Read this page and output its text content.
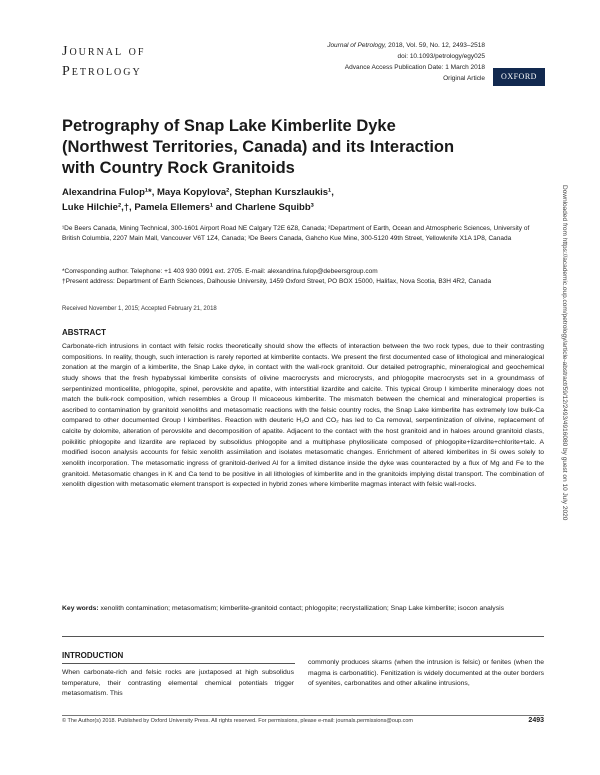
Journal of
Petrology
Journal of Petrology, 2018, Vol. 59, No. 12, 2493–2518
doi: 10.1093/petrology/egy025
Advance Access Publication Date: 1 March 2018
Original Article	OXFORD
Downloaded from https://academic.oup.com/petrology/article-abstract/59/12/2493/4916080 by guest on 10 July 2020
Petrography of Snap Lake Kimberlite Dyke (Northwest Territories, Canada) and its Interaction with Country Rock Granitoids
Alexandrina Fulop¹*, Maya Kopylova², Stephan Kurszlaukis¹,
Luke Hilchie²,†, Pamela Ellemers¹ and Charlene Squibb³
¹De Beers Canada, Mining Technical, 300-1601 Airport Road NE Calgary T2E 6Z8, Canada; ²Department of Earth, Ocean and Atmospheric Sciences, University of British Columbia, 2207 Main Mall, Vancouver V6T 1Z4, Canada; ³De Beers Canada, Gahcho Kue Mine, 300-5120 49th Street, Yellowknife X1A 1P8, Canada
*Corresponding author. Telephone: +1 403 930 0991 ext. 2705. E-mail: alexandrina.fulop@debeersgroup.com
†Present address: Department of Earth Sciences, Dalhousie University, 1459 Oxford Street, PO BOX 15000, Halifax, Nova Scotia, B3H 4R2, Canada
Received November 1, 2015; Accepted February 21, 2018
ABSTRACT
Carbonate-rich intrusions in contact with felsic rocks theoretically should show the effects of interaction between the two rock types, due to their contrasting compositions. In reality, though, such interaction is rarely reported at kimberlite contacts. We present the first documented case of lithological and mineralogical zonation at the margin of a kimberlite, the Snap Lake dyke, in contact with the wall-rock granitoid. Our detailed petrographic, mineralogical and geochemical study shows that the fresh hypabyssal kimberlite consists of olivine macrocrysts and microcrysts, and phlogopite macrocrysts set in a groundmass of serpentinized monticellite, phlogopite, spinel, perovskite and apatite, with interstitial lizardite and calcite. This typical Group I kimberlite mineralogy does not match the bulk-rock composition, which resembles a Group II micaceous kimberlite. The mismatch between the chemical and mineralogical properties is ascribed to contamination by granitoid xenoliths and metasomatic reactions with the felsic country rocks, the Snap Lake kimberlite has extremely low bulk-Ca compared to other documented Group I kimberlites. Reaction with deuteric H₂O and CO₂ has led to Ca removal, serpentinization of olivine, replacement of calcite by dolomite, alteration of perovskite and decomposition of apatite. Adjacent to the contact with the host granitoid and in haloes around granitoid clasts, poikilitic phlogopite and lizardite are replaced by subsolidus phlogopite and a multiphase phyllosilicate composed of phlogopite+lizardite+chlorite+talc. A modified isocon analysis accounts for felsic xenolith assimilation and isolates metasomatic changes. Enrichment of altered kimberlites in Si owes solely to xenolith incorporation. The metasomatic ingress of granitoid-derived Al for a limited distance inside the dyke was counteracted by a flux of Mg and Fe to the granitoid. Metasomatic changes in K and Ca tend to be positive in all lithologies of kimberlite and in the granitoids implying distal transport. The combination of xenolith digestion with metasomatic element transport is expected in hybrid zones where kimberlite magmas interact with felsic wall-rocks.
Key words: xenolith contamination; metasomatism; kimberlite-granitoid contact; phlogopite; recrystallization; Snap Lake kimberlite; isocon analysis
INTRODUCTION
When carbonate-rich and felsic rocks are juxtaposed at high subsolidus temperature, their contrasting elemental chemical potentials trigger metasomatism. This
commonly produces skarns (when the intrusion is felsic) or fenites (when the magma is carbonatitic). Fenitization is widely documented at the outer borders of syenites, carbonatites and other alkaline intrusions,
© The Author(s) 2018. Published by Oxford University Press. All rights reserved. For permissions, please e-mail: journals.permissions@oup.com	2493
